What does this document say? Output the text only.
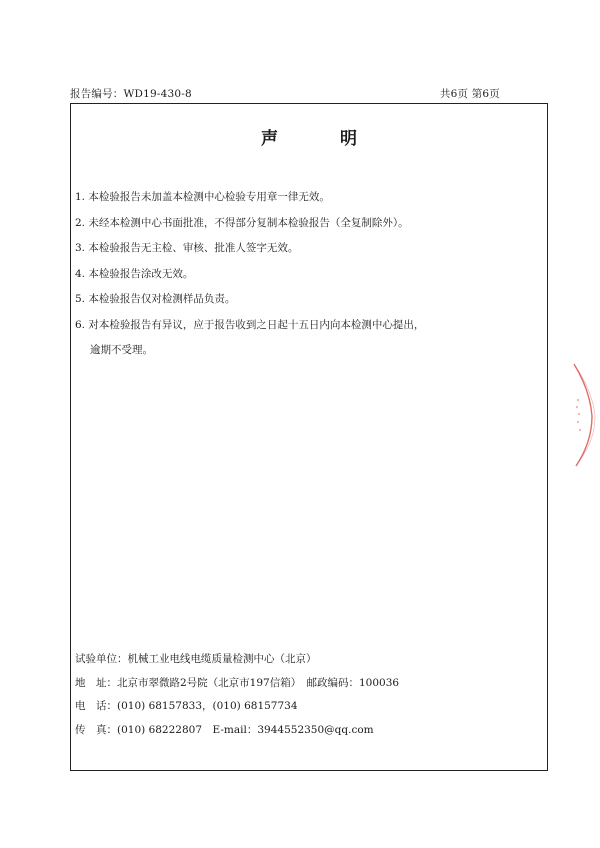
报告编号：WD19-430-8	共6页 第6页
声明
1. 本检验报告未加盖本检测中心检验专用章一律无效。
2. 未经本检测中心书面批准，不得部分复制本检验报告（全复制除外）。
3. 本检验报告无主检、审核、批准人签字无效。
4. 本检验报告涂改无效。
5. 本检验报告仅对检测样品负责。
6. 对本检验报告有异议，应于报告收到之日起十五日内向本检测中心提出，
逾期不受理。
试验单位：机械工业电线电缆质量检测中心（北京）
地　址：北京市翠微路2号院（北京市197信箱）　邮政编码：100036
电　话：(010) 68157833，(010) 68157734
传　真：(010) 68222807　E-mail：3944552350@qq.com
